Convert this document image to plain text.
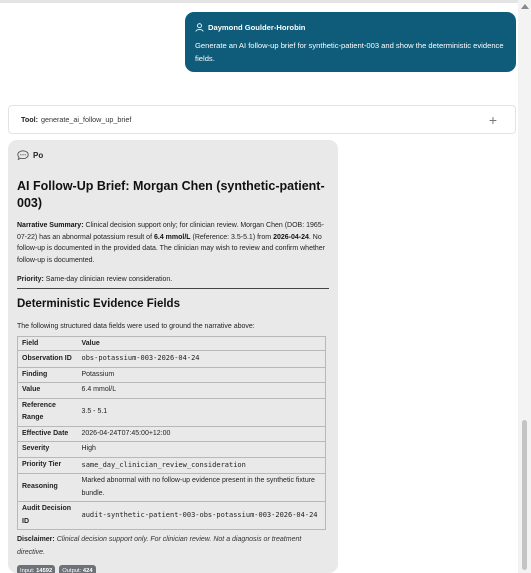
Daymond Goulder-Horobin
Generate an AI follow-up brief for synthetic-patient-003 and show the deterministic evidence fields.
Tool: generate_ai_follow_up_brief	+
Po
AI Follow-Up Brief: Morgan Chen (synthetic-patient-003)
Narrative Summary: Clinical decision support only; for clinician review. Morgan Chen (DOB: 1965-07-22) has an abnormal potassium result of 6.4 mmol/L (Reference: 3.5-5.1) from 2026-04-24. No follow-up is documented in the provided data. The clinician may wish to review and confirm whether follow-up is documented.
Priority: Same-day clinician review consideration.
Deterministic Evidence Fields
The following structured data fields were used to ground the narrative above:
Field	Value
Observation ID	obs-potassium-003-2026-04-24
Finding	Potassium
Value	6.4 mmol/L
Reference Range	3.5 - 5.1
Effective Date	2026-04-24T07:45:00+12:00
Severity	High
Priority Tier	same_day_clinician_review_consideration
Reasoning	Marked abnormal with no follow-up evidence present in the synthetic fixture bundle.
Audit Decision ID	audit-synthetic-patient-003-obs-potassium-003-2026-04-24
Disclaimer: Clinical decision support only. For clinician review. Not a diagnosis or treatment directive.
Input: 14592	Output: 424
